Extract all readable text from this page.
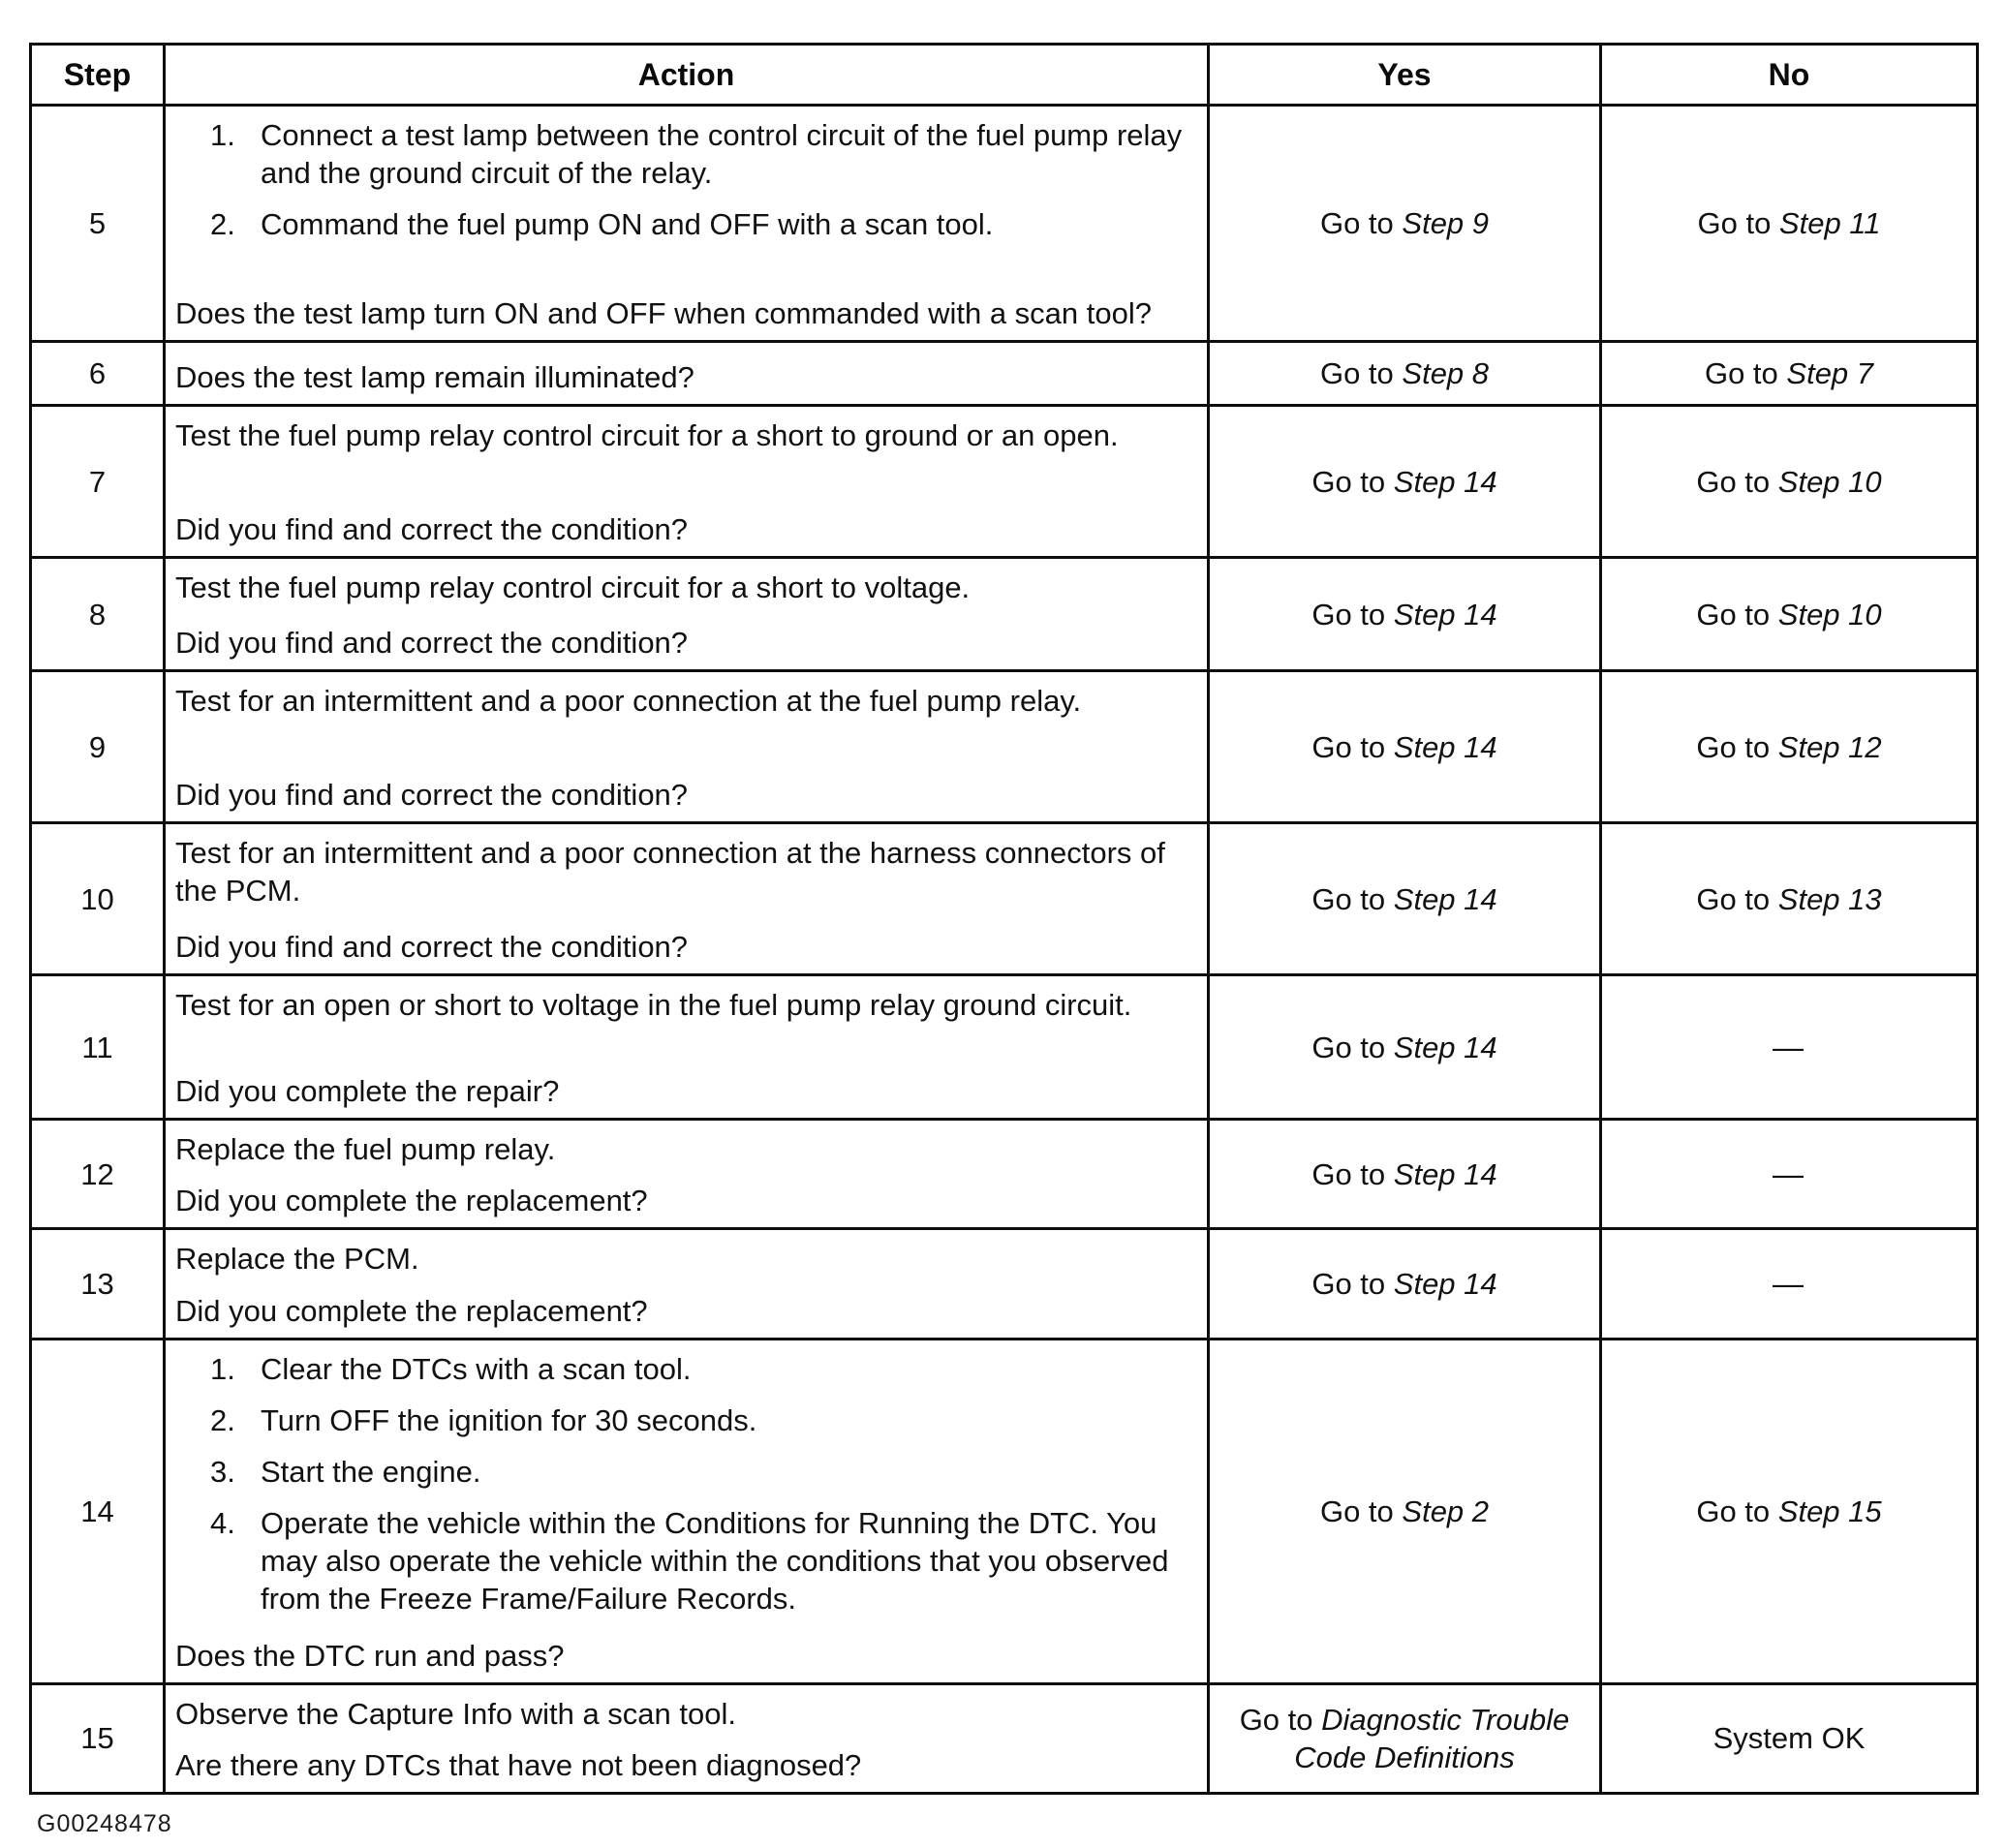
Step	Action	Yes	No
5	1. Connect a test lamp between the control circuit of the fuel pump relay and the ground circuit of the relay.
2. Command the fuel pump ON and OFF with a scan tool.
Does the test lamp turn ON and OFF when commanded with a scan tool?	Go to Step 9	Go to Step 11

6	Does the test lamp remain illuminated?	Go to Step 8	Go to Step 7

7	Test the fuel pump relay control circuit for a short to ground or an open.
Did you find and correct the condition?	Go to Step 14	Go to Step 10

8	Test the fuel pump relay control circuit for a short to voltage.
Did you find and correct the condition?	Go to Step 14	Go to Step 10

9	Test for an intermittent and a poor connection at the fuel pump relay.
Did you find and correct the condition?	Go to Step 14	Go to Step 12

10	Test for an intermittent and a poor connection at the harness connectors of the PCM.
Did you find and correct the condition?	Go to Step 14	Go to Step 13

11	Test for an open or short to voltage in the fuel pump relay ground circuit.
Did you complete the repair?	Go to Step 14	—

12	Replace the fuel pump relay.
Did you complete the replacement?	Go to Step 14	—

13	Replace the PCM.
Did you complete the replacement?	Go to Step 14	—

14	
1. Clear the DTCs with a scan tool.
2. Turn OFF the ignition for 30 seconds.
3. Start the engine.
4. Operate the vehicle within the Conditions for Running the DTC. You may also operate the vehicle within the conditions that you observed from the Freeze Frame/Failure Records.
Does the DTC run and pass?

Go to Step 2	Go to Step 15

15	Observe the Capture Info with a scan tool.
Are there any DTCs that have not been diagnosed?	Go to Diagnostic Trouble Code Definitions	System OK
G00248478
